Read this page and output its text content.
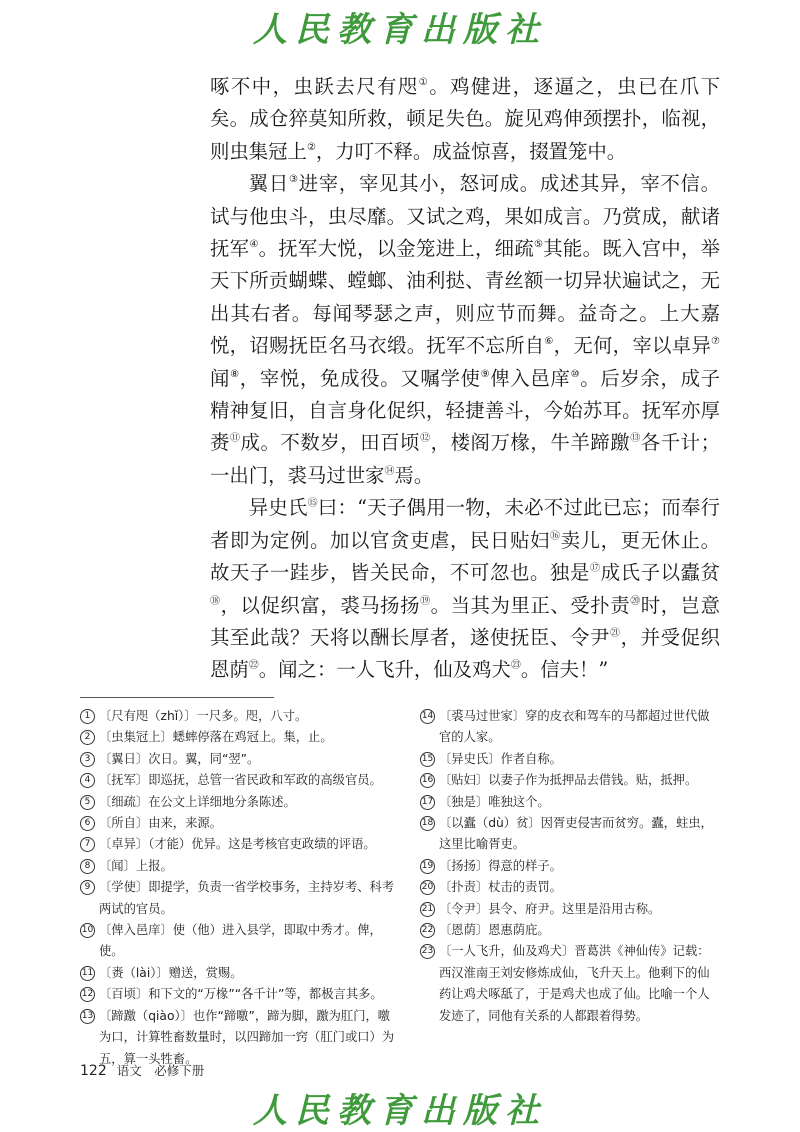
人民教育出版社

啄不中，虫跃去尺有咫①。鸡健进，逐逼之，虫已在爪下矣。成仓猝莫知所救，顿足失色。旋见鸡伸颈摆扑，临视，则虫集冠上②，力叮不释。成益惊喜，掇置笼中。

翼日③进宰，宰见其小，怒诃成。成述其异，宰不信。试与他虫斗，虫尽靡。又试之鸡，果如成言。乃赏成，献诸抚军④。抚军大悦，以金笼进上，细疏⑤其能。既入宫中，举天下所贡蝴蝶、螳螂、油利挞、青丝额一切异状遍试之，无出其右者。每闻琴瑟之声，则应节而舞。益奇之。上大嘉悦，诏赐抚臣名马衣缎。抚军不忘所自⑥，无何，宰以卓异⑦闻⑧，宰悦，免成役。又嘱学使⑨俾入邑庠⑩。后岁余，成子精神复旧，自言身化促织，轻捷善斗，今始苏耳。抚军亦厚赉⑪成。不数岁，田百顷⑫，楼阁万椽，牛羊蹄躈⑬各千计；一出门，裘马过世家⑭焉。

异史氏⑮曰：“天子偶用一物，未必不过此已忘；而奉行者即为定例。加以官贪吏虐，民日贴妇⑯卖儿，更无休止。故天子一跬步，皆关民命，不可忽也。独是⑰成氏子以蠹贫⑱，以促织富，裘马扬扬⑲。当其为里正、受扑责⑳时，岂意其至此哉？天将以酬长厚者，遂使抚臣、令尹$^㉑$，并受促织恩荫$^㉒$。闻之：一人飞升，仙及鸡犬$^㉓$。信夫！”

1 〔尺有咫（zhǐ）〕一尺多。咫，八寸。
2 〔虫集冠上〕蟋蟀停落在鸡冠上。集，止。
3 〔翼日〕次日。翼，同“翌”。
4 〔抚军〕即巡抚，总管一省民政和军政的高级官员。
5 〔细疏〕在公文上详细地分条陈述。
6 〔所自〕由来，来源。
7 〔卓异〕（才能）优异。这是考核官吏政绩的评语。
8 〔闻〕上报。
9 〔学使〕即提学，负责一省学校事务，主持岁考、科考两试的官员。
10 〔俾入邑庠〕使（他）进入县学，即取中秀才。俾，使。
11 〔赉（lài）〕赠送，赏赐。
12 〔百顷〕和下文的“万椽”“各千计”等，都极言其多。
13 〔蹄躈（qiào）〕也作“蹄噭”，蹄为脚，躈为肛门，噭为口，计算牲畜数量时，以四蹄加一窍（肛门或口）为五，算一头牲畜。
14 〔裘马过世家〕穿的皮衣和驾车的马都超过世代做官的人家。
15 〔异史氏〕作者自称。
16 〔贴妇〕以妻子作为抵押品去借钱。贴，抵押。
17 〔独是〕唯独这个。
18 〔以蠹（dù）贫〕因胥吏侵害而贫穷。蠹，蛀虫，这里比喻胥吏。
19 〔扬扬〕得意的样子。
20 〔扑责〕杖击的责罚。
21 〔令尹〕县令、府尹。这里是沿用古称。
22 〔恩荫〕恩惠荫庇。
23 〔一人飞升，仙及鸡犬〕晋葛洪《神仙传》记载：西汉淮南王刘安修炼成仙，飞升天上。他剩下的仙药让鸡犬啄舐了，于是鸡犬也成了仙。比喻一个人发迹了，同他有关系的人都跟着得势。
122 语文　必修下册
人民教育出版社
